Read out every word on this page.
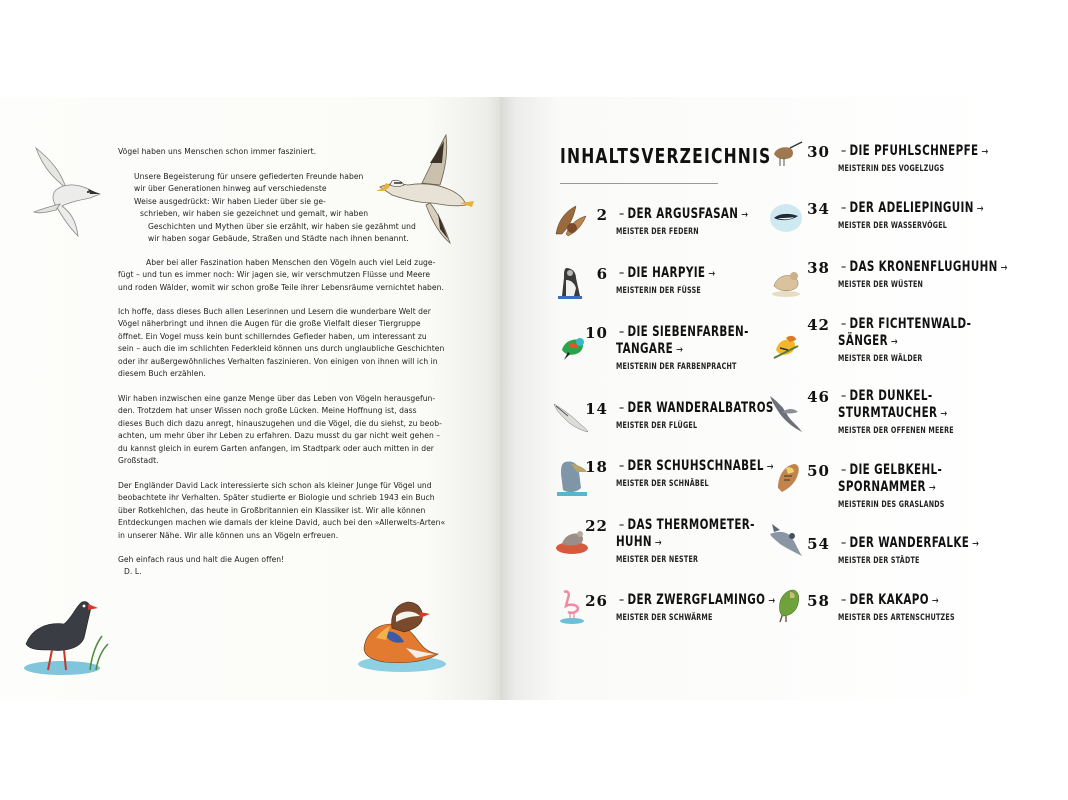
Vögel haben uns Menschen schon immer fasziniert.
Unsere Begeisterung für unsere gefiederten Freunde haben
wir über Generationen hinweg auf verschiedenste
Weise ausgedrückt: Wir haben Lieder über sie ge-
schrieben, wir haben sie gezeichnet und gemalt, wir haben
Geschichten und Mythen über sie erzählt, wir haben sie gezähmt und
wir haben sogar Gebäude, Straßen und Städte nach ihnen benannt.
Aber bei aller Faszination haben Menschen den Vögeln auch viel Leid zuge-
fügt – und tun es immer noch: Wir jagen sie, wir verschmutzen Flüsse und Meere
und roden Wälder, womit wir schon große Teile ihrer Lebensräume vernichtet haben.
Ich hoffe, dass dieses Buch allen Leserinnen und Lesern die wunderbare Welt der
Vögel näherbringt und ihnen die Augen für die große Vielfalt dieser Tiergruppe
öffnet. Ein Vogel muss kein bunt schillerndes Gefieder haben, um interessant zu
sein – auch die im schlichten Federkleid können uns durch unglaubliche Geschichten
oder ihr außergewöhnliches Verhalten faszinieren. Von einigen von ihnen will ich in
diesem Buch erzählen.
Wir haben inzwischen eine ganze Menge über das Leben von Vögeln herausgefun-
den. Trotzdem hat unser Wissen noch große Lücken. Meine Hoffnung ist, dass
dieses Buch dich dazu anregt, hinauszugehen und die Vögel, die du siehst, zu beob-
achten, um mehr über ihr Leben zu erfahren. Dazu musst du gar nicht weit gehen –
du kannst gleich in eurem Garten anfangen, im Stadtpark oder auch mitten in der
Großstadt.
Der Engländer David Lack interessierte sich schon als kleiner Junge für Vögel und
beobachtete ihr Verhalten. Später studierte er Biologie und schrieb 1943 ein Buch
über Rotkehlchen, das heute in Großbritannien ein Klassiker ist. Wir alle können
Entdeckungen machen wie damals der kleine David, auch bei den »Allerwelts-Arten«
in unserer Nähe. Wir alle können uns an Vögeln erfreuen.
Geh einfach raus und halt die Augen offen!
D. L.
INHALTSVERZEICHNIS
2 – DER ARGUSFASAN →
MEISTER DER FEDERN
6 – DIE HARPYIE →
MEISTERIN DER FÜSSE
10 – DIE SIEBENFARBEN-
TANGARE →
MEISTERIN DER FARBENPRACHT
14 – DER WANDERALBATROS
MEISTER DER FLÜGEL
18 – DER SCHUHSCHNABEL →
MEISTER DER SCHNÄBEL
22 – DAS THERMOMETER-
HUHN →
MEISTER DER NESTER
26 – DER ZWERGFLAMINGO →
MEISTER DER SCHWÄRME
30 – DIE PFUHLSCHNEPFE →
MEISTERIN DES VOGELZUGS
34 – DER ADELIEPINGUIN →
MEISTER DER WASSERVÖGEL
38 – DAS KRONENFLUGHUHN →
MEISTER DER WÜSTEN
42 – DER FICHTENWALD-
SÄNGER →
MEISTER DER WÄLDER
46 – DER DUNKEL-
STURMTAUCHER →
MEISTER DER OFFENEN MEERE
50 – DIE GELBKEHL-
SPORNAMMER →
MEISTERIN DES GRASLANDS
54 – DER WANDERFALKE →
MEISTER DER STÄDTE
58 – DER KAKAPO →
MEISTER DES ARTENSCHUTZES
